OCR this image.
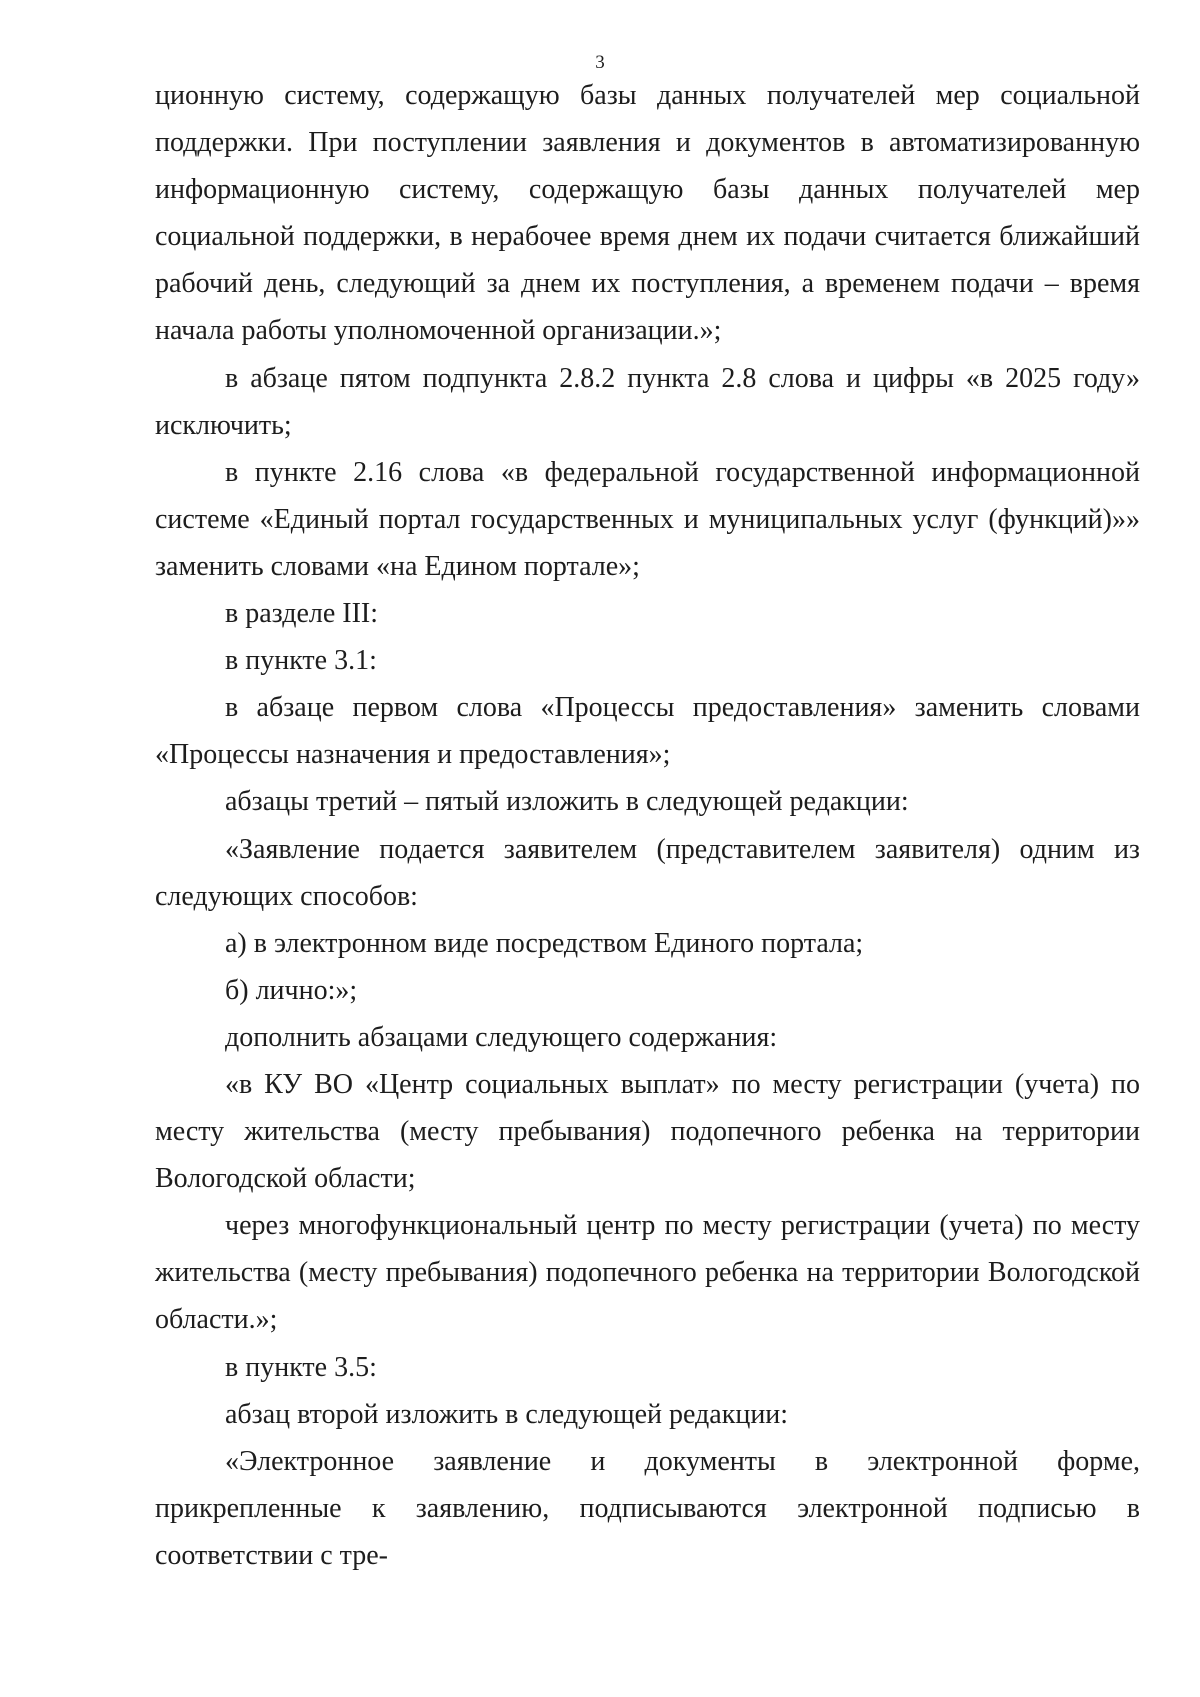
3

ционную систему, содержащую базы данных получателей мер социальной поддержки. При поступлении заявления и документов в автоматизированную информационную систему, содержащую базы данных получателей мер социальной поддержки, в нерабочее время днем их подачи считается ближайший рабочий день, следующий за днем их поступления, а временем подачи – время начала работы уполномоченной организации.»;

в абзаце пятом подпункта 2.8.2 пункта 2.8 слова и цифры «в 2025 году» исключить;

в пункте 2.16 слова «в федеральной государственной информационной системе «Единый портал государственных и муниципальных услуг (функций)»» заменить словами «на Едином портале»;

в разделе III:

в пункте 3.1:

в абзаце первом слова «Процессы предоставления» заменить словами «Процессы назначения и предоставления»;

абзацы третий – пятый изложить в следующей редакции:

«Заявление подается заявителем (представителем заявителя) одним из следующих способов:

а) в электронном виде посредством Единого портала;

б) лично:»;

дополнить абзацами следующего содержания:

«в КУ ВО «Центр социальных выплат» по месту регистрации (учета) по месту жительства (месту пребывания) подопечного ребенка на территории Вологодской области;

через многофункциональный центр по месту регистрации (учета) по месту жительства (месту пребывания) подопечного ребенка на территории Вологодской области.»;

в пункте 3.5:

абзац второй изложить в следующей редакции:

«Электронное заявление и документы в электронной форме, прикрепленные к заявлению, подписываются электронной подписью в соответствии с тре-
